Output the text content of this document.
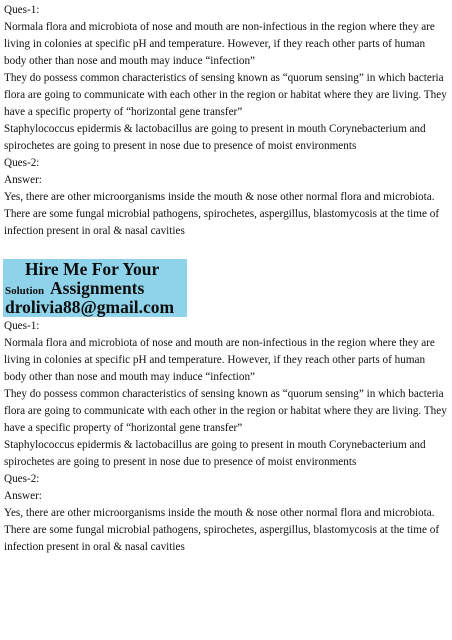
Ques-1:

Normala flora and microbiota of nose and mouth are non-infectious in the region where they are living in colonies at specific pH and temperature. However, if they reach other parts of human body other than nose and mouth may induce “infection”

They do possess common characteristics of sensing known as “quorum sensing” in which bacteria flora are going to communicate with each other in the region or habitat where they are living. They have a specific property of “horizontal gene transfer”

Staphylococcus epidermis & lactobacillus are going to present in mouth Corynebacterium and spirochetes are going to present in nose due to presence of moist environments

Ques-2:

Answer:

Yes, there are other microorganisms inside the mouth & nose other normal flora and microbiota. There are some fungal microbial pathogens, spirochetes, aspergillus, blastomycosis at the time of infection present in oral & nasal cavities

Hire Me For Your
Solution Assignments
drolivia88@gmail.com

Ques-1:

Normala flora and microbiota of nose and mouth are non-infectious in the region where they are living in colonies at specific pH and temperature. However, if they reach other parts of human body other than nose and mouth may induce “infection”

They do possess common characteristics of sensing known as “quorum sensing” in which bacteria flora are going to communicate with each other in the region or habitat where they are living. They have a specific property of “horizontal gene transfer”

Staphylococcus epidermis & lactobacillus are going to present in mouth Corynebacterium and spirochetes are going to present in nose due to presence of moist environments

Ques-2:

Answer:

Yes, there are other microorganisms inside the mouth & nose other normal flora and microbiota. There are some fungal microbial pathogens, spirochetes, aspergillus, blastomycosis at the time of infection present in oral & nasal cavities
